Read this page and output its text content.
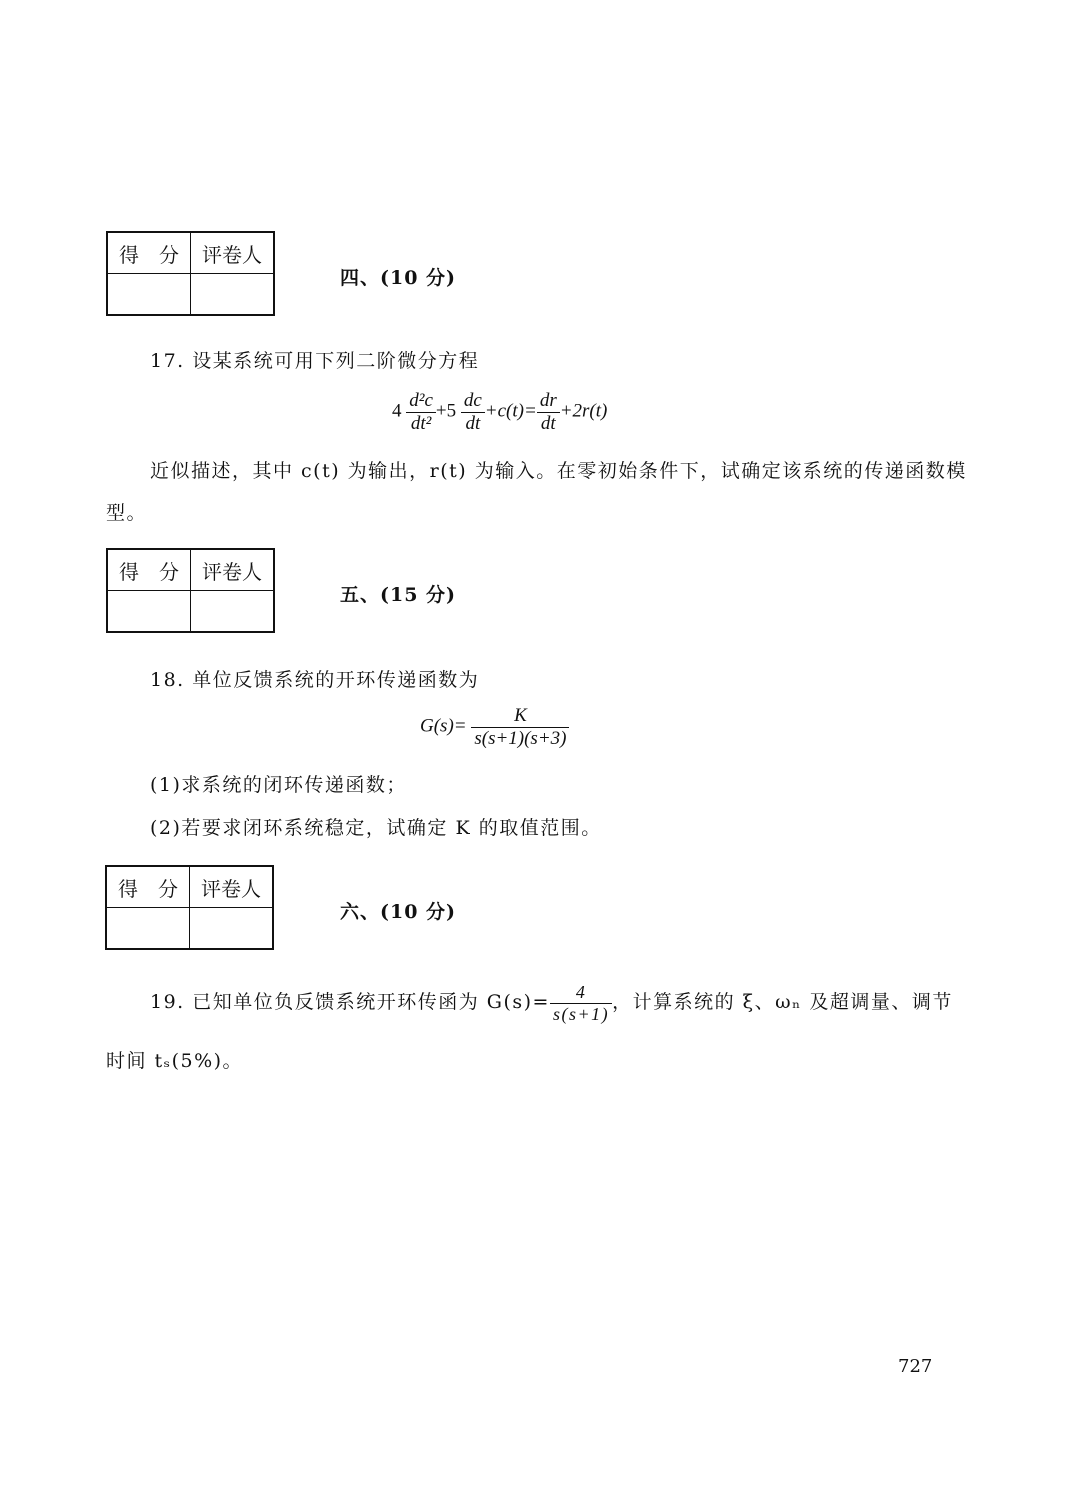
得　分	评卷人

四、(10 分)
17. 设某系统可用下列二阶微分方程
$4 \frac{\text{d²c}}{\text{dt²}} +5 \frac{dc}{dt} +c(t)= \frac{dr}{dt} +2r(t)$
近似描述，其中 c(t) 为输出，r(t) 为输入。在零初始条件下，试确定该系统的传递函数模
型。
得　分	评卷人

五、(15 分)
18. 单位反馈系统的开环传递函数为
$G(s)= \frac{K}{s(s+1)(s+3)}$
(1)求系统的闭环传递函数；
(2)若要求闭环系统稳定，试确定 K 的取值范围。
得　分	评卷人

六、(10 分)
19. 已知单位负反馈系统开环传函为 $G(s)= \frac{4}{s(s+1)}$ ，计算系统的 ξ、ωₙ 及超调量、调节
时间 tₛ(5%)。
727
